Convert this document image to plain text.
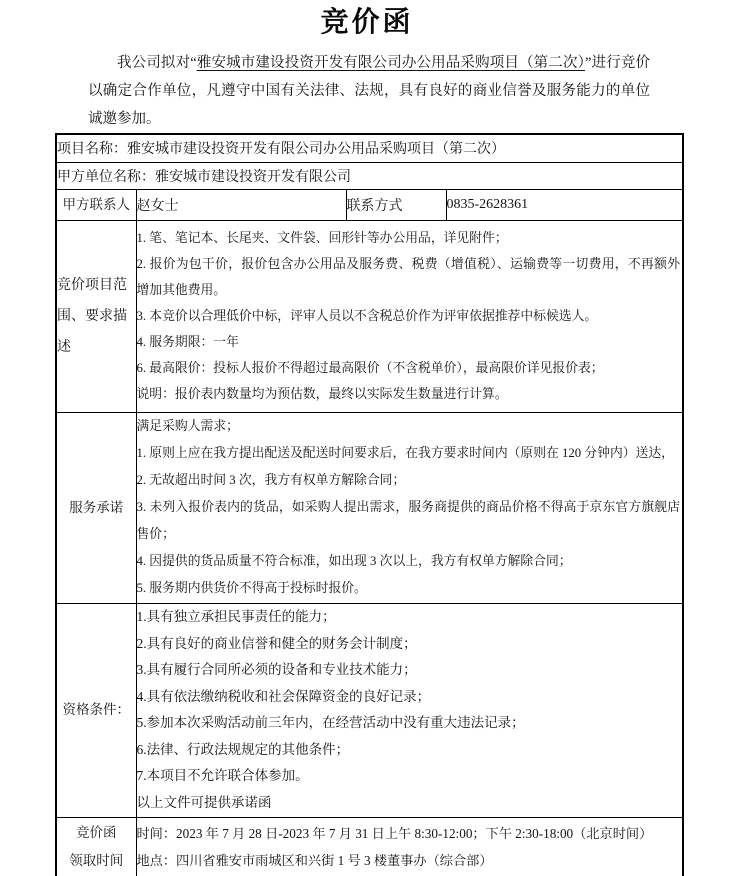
竞价函

我公司拟对“雅安城市建设投资开发有限公司办公用品采购项目（第二次）”进行竞价以确定合作单位，凡遵守中国有关法律、法规，具有良好的商业信誉及服务能力的单位诚邀参加。

项目名称：雅安城市建设投资开发有限公司办公用品采购项目（第二次）			
甲方单位名称：雅安城市建设投资开发有限公司			
甲方联系人	赵女士	联系方式	0835-2628361

竞价项目范围、要求描述

1. 笔、笔记本、长尾夹、文件袋、回形针等办公用品，详见附件；
2. 报价为包干价，报价包含办公用品及服务费、税费（增值税）、运输费等一切费用，不再额外增加其他费用。
3. 本竞价以合理低价中标，评审人员以不含税总价作为评审依据推荐中标候选人。
4. 服务期限：一年
6. 最高限价：投标人报价不得超过最高限价（不含税单价），最高限价详见报价表；
说明：报价表内数量均为预估数，最终以实际发生数量进行计算。

服务承诺	
满足采购人需求；
1. 原则上应在我方提出配送及配送时间要求后，在我方要求时间内（原则在 120 分钟内）送达，
2. 无故超出时间 3 次，我方有权单方解除合同；
3. 未列入报价表内的货品，如采购人提出需求，服务商提供的商品价格不得高于京东官方旗舰店售价；
4. 因提供的货品质量不符合标准，如出现 3 次以上，我方有权单方解除合同；
5. 服务期内供货价不得高于投标时报价。

资格条件：	
1.具有独立承担民事责任的能力；
2.具有良好的商业信誉和健全的财务会计制度；
3.具有履行合同所必须的设备和专业技术能力；
4.具有依法缴纳税收和社会保障资金的良好记录；
5.参加本次采购活动前三年内，在经营活动中没有重大违法记录；
6.法律、行政法规规定的其他条件；
7.本项目不允许联合体参加。
以上文件可提供承诺函

竞价函
领取时间

时间：2023 年 7 月 28 日-2023 年 7 月 31 日上午 8:30-12:00；下午 2:30-18:00（北京时间）
地点：四川省雅安市雨城区和兴街 1 号 3 楼董事办（综合部）
